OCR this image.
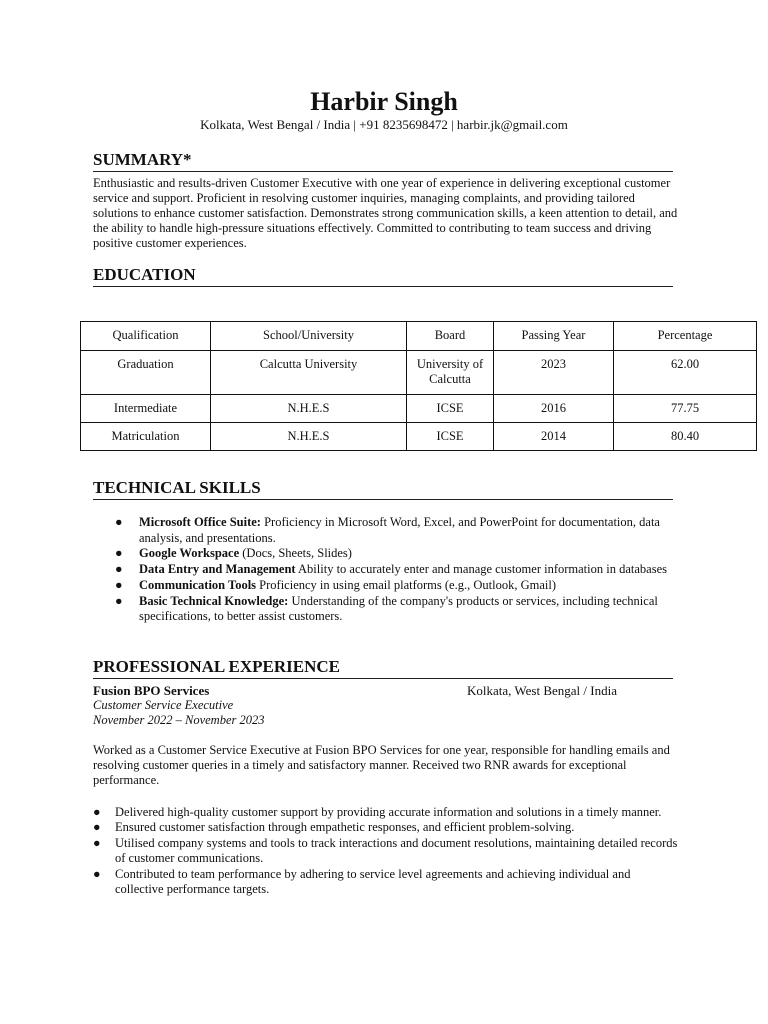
Harbir Singh
Kolkata, West Bengal / India | +91 8235698472 | harbir.jk@gmail.com
SUMMARY*
Enthusiastic and results-driven Customer Executive with one year of experience in delivering exceptional customer service and support. Proficient in resolving customer inquiries, managing complaints, and providing tailored solutions to enhance customer satisfaction. Demonstrates strong communication skills, a keen attention to detail, and the ability to handle high-pressure situations effectively. Committed to contributing to team success and driving positive customer experiences.
EDUCATION
Qualification	School/University	Board	Passing Year	Percentage
Graduation	Calcutta University	University of Calcutta	2023	62.00
Intermediate	N.H.E.S	ICSE	2016	77.75
Matriculation	N.H.E.S	ICSE	2014	80.40
TECHNICAL SKILLS
● Microsoft Office Suite: Proficiency in Microsoft Word, Excel, and PowerPoint for documentation, data analysis, and presentations.
● Google Workspace (Docs, Sheets, Slides)
● Data Entry and Management Ability to accurately enter and manage customer information in databases
● Communication Tools Proficiency in using email platforms (e.g., Outlook, Gmail)
● Basic Technical Knowledge: Understanding of the company's products or services, including technical specifications, to better assist customers.
PROFESSIONAL EXPERIENCE
Fusion BPO Services	Kolkata, West Bengal / India
Customer Service Executive
November 2022 – November 2023
Worked as a Customer Service Executive at Fusion BPO Services for one year, responsible for handling emails and resolving customer queries in a timely and satisfactory manner. Received two RNR awards for exceptional performance.
● Delivered high-quality customer support by providing accurate information and solutions in a timely manner.
● Ensured customer satisfaction through empathetic responses, and efficient problem-solving.
● Utilised company systems and tools to track interactions and document resolutions, maintaining detailed records of customer communications.
● Contributed to team performance by adhering to service level agreements and achieving individual and collective performance targets.
